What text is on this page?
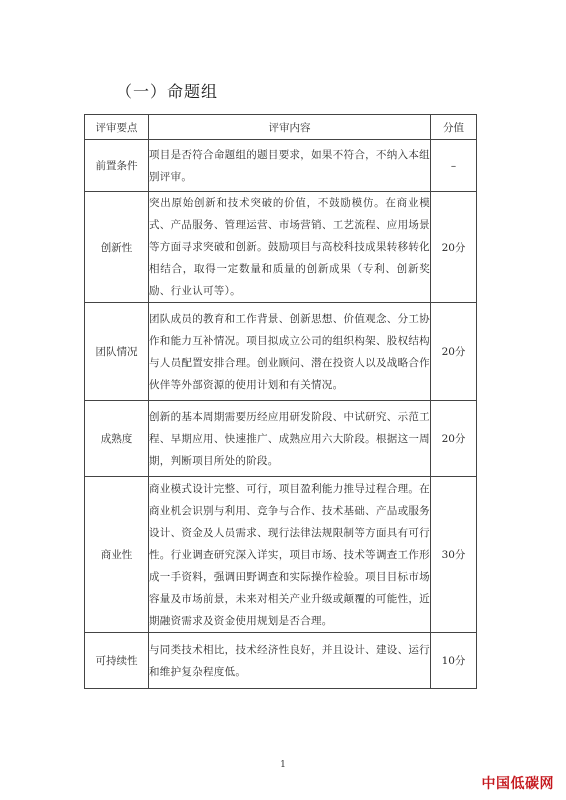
（一）命题组
评审要点	评审内容	分值
前置条件	项目是否符合命题组的题目要求，如果不符合，不纳入本组别评审。	–
创新性	突出原始创新和技术突破的价值，不鼓励模仿。在商业模式、产品服务、管理运营、市场营销、工艺流程、应用场景等方面寻求突破和创新。鼓励项目与高校科技成果转移转化相结合，取得一定数量和质量的创新成果（专利、创新奖励、行业认可等）。	20分
团队情况	团队成员的教育和工作背景、创新思想、价值观念、分工协作和能力互补情况。项目拟成立公司的组织构架、股权结构与人员配置安排合理。创业顾问、潜在投资人以及战略合作伙伴等外部资源的使用计划和有关情况。	20分
成熟度	创新的基本周期需要历经应用研发阶段、中试研究、示范工程、早期应用、快速推广、成熟应用六大阶段。根据这一周期，判断项目所处的阶段。	20分
商业性	商业模式设计完整、可行，项目盈利能力推导过程合理。在商业机会识别与利用、竞争与合作、技术基础、产品或服务设计、资金及人员需求、现行法律法规限制等方面具有可行性。行业调查研究深入详实，项目市场、技术等调查工作形成一手资料，强调田野调查和实际操作检验。项目目标市场容量及市场前景，未来对相关产业升级或颠覆的可能性，近期融资需求及资金使用规划是否合理。	30分
可持续性	与同类技术相比，技术经济性良好，并且设计、建设、运行和维护复杂程度低。	10分
1
中国低碳网
